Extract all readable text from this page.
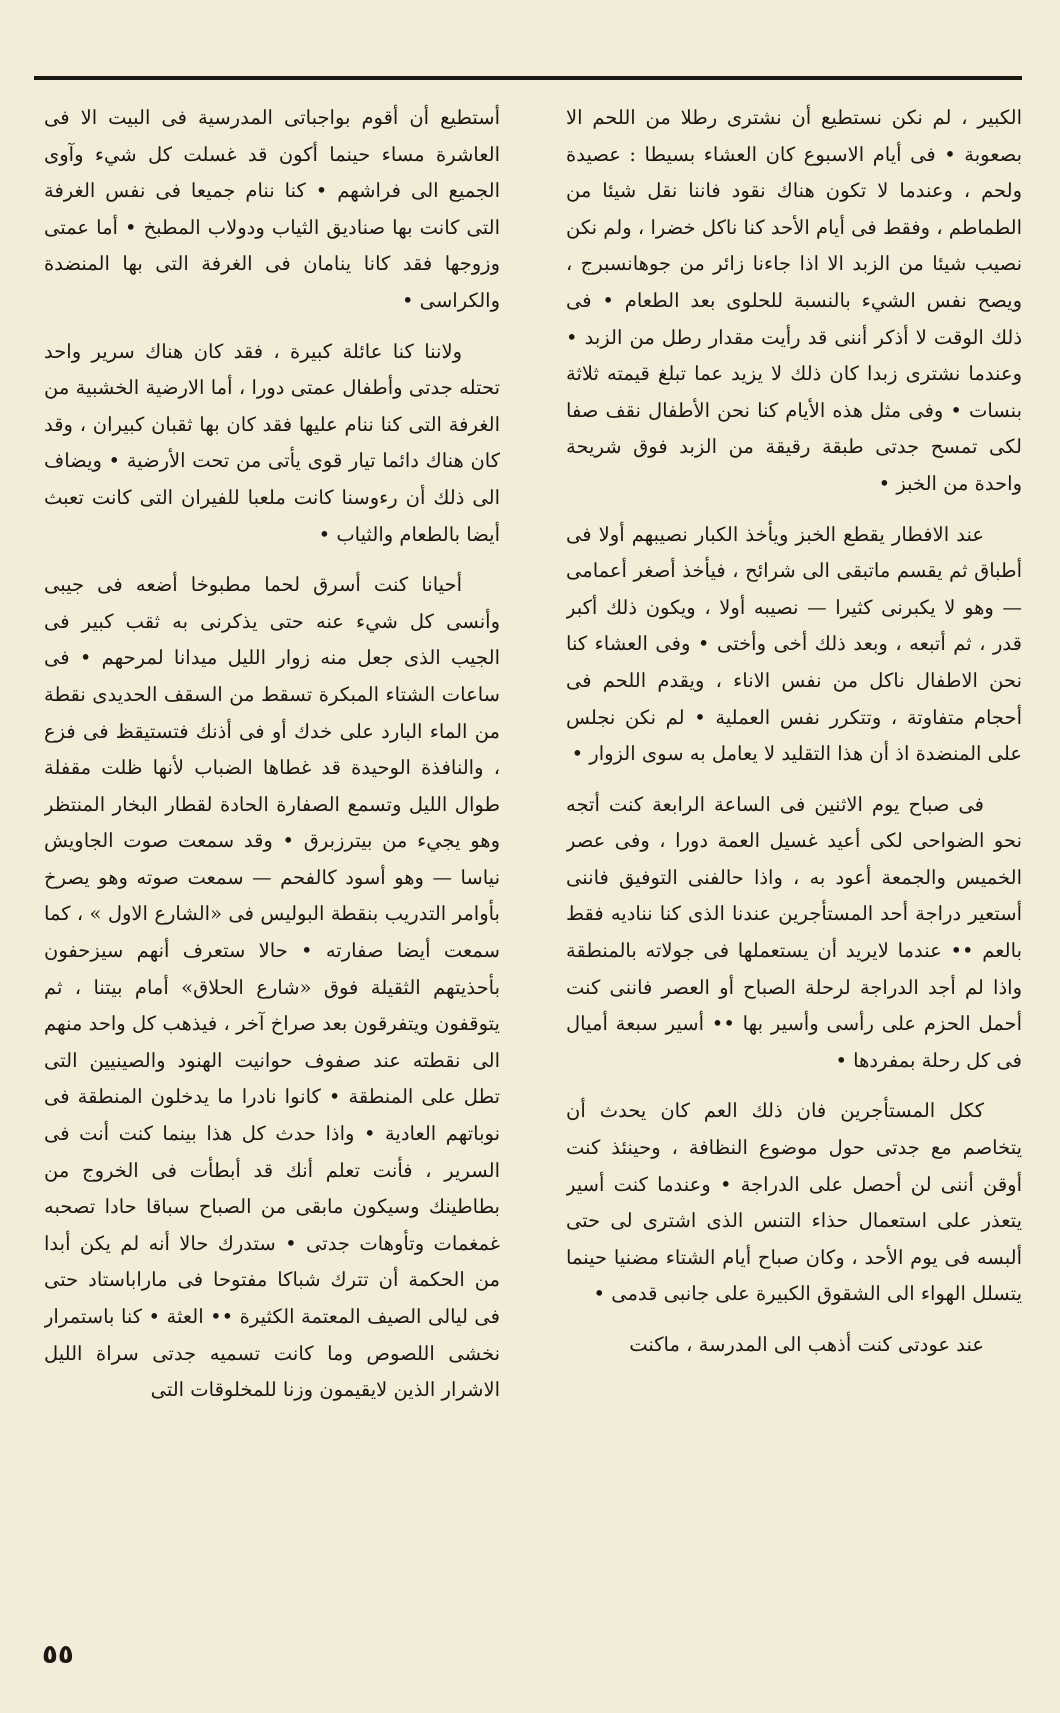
الكبير ، لم نكن نستطيع أن نشترى رطلا من اللحم الا بصعوبة • فى أيام الاسبوع كان العشاء بسيطا : عصيدة ولحم ، وعندما لا تكون هناك نقود فاننا نقل شيئا من الطماطم ، وفقط فى أيام الأحد كنا ناكل خضرا ، ولم نكن نصيب شيئا من الزبد الا اذا جاءنا زائر من جوهانسبرج ، ويصح نفس الشيء بالنسبة للحلوى بعد الطعام • فى ذلك الوقت لا أذكر أننى قد رأيت مقدار رطل من الزبد • وعندما نشترى زبدا كان ذلك لا يزيد عما تبلغ قيمته ثلاثة بنسات • وفى مثل هذه الأيام كنا نحن الأطفال نقف صفا لكى تمسح جدتى طبقة رقيقة من الزبد فوق شريحة واحدة من الخبز •

عند الافطار يقطع الخبز ويأخذ الكبار نصيبهم أولا فى أطباق ثم يقسم ماتبقى الى شرائح ، فيأخذ أصغر أعمامى — وهو لا يكبرنى كثيرا — نصيبه أولا ، ويكون ذلك أكبر قدر ، ثم أتبعه ، وبعد ذلك أخى وأختى • وفى العشاء كنا نحن الاطفال ناكل من نفس الاناء ، ويقدم اللحم فى أحجام متفاوتة ، وتتكرر نفس العملية • لم نكن نجلس على المنضدة اذ أن هذا التقليد لا يعامل به سوى الزوار •

فى صباح يوم الاثنين فى الساعة الرابعة كنت أتجه نحو الضواحى لكى أعيد غسيل العمة دورا ، وفى عصر الخميس والجمعة أعود به ، واذا حالفنى التوفيق فاننى أستعير دراجة أحد المستأجرين عندنا الذى كنا نناديه فقط بالعم •• عندما لايريد أن يستعملها فى جولاته بالمنطقة واذا لم أجد الدراجة لرحلة الصباح أو العصر فاننى كنت أحمل الحزم على رأسى وأسير بها •• أسير سبعة أميال فى كل رحلة بمفردها •

ككل المستأجرين فان ذلك العم كان يحدث أن يتخاصم مع جدتى حول موضوع النظافة ، وحينئذ كنت أوقن أننى لن أحصل على الدراجة • وعندما كنت أسير يتعذر على استعمال حذاء التنس الذى اشترى لى حتى ألبسه فى يوم الأحد ، وكان صباح أيام الشتاء مضنيا حينما يتسلل الهواء الى الشقوق الكبيرة على جانبى قدمى •

عند عودتى كنت أذهب الى المدرسة ، ماكنت

أستطيع أن أقوم بواجباتى المدرسية فى البيت الا فى العاشرة مساء حينما أكون قد غسلت كل شيء وآوى الجميع الى فراشهم • كنا ننام جميعا فى نفس الغرفة التى كانت بها صناديق الثياب ودولاب المطبخ • أما عمتى وزوجها فقد كانا ينامان فى الغرفة التى بها المنضدة والكراسى •

ولاننا كنا عائلة كبيرة ، فقد كان هناك سرير واحد تحتله جدتى وأطفال عمتى دورا ، أما الارضية الخشبية من الغرفة التى كنا ننام عليها فقد كان بها ثقبان كبيران ، وقد كان هناك دائما تيار قوى يأتى من تحت الأرضية • ويضاف الى ذلك أن رءوسنا كانت ملعبا للفيران التى كانت تعبث أيضا بالطعام والثياب •

أحيانا كنت أسرق لحما مطبوخا أضعه فى جيبى وأنسى كل شيء عنه حتى يذكرنى به ثقب كبير فى الجيب الذى جعل منه زوار الليل ميدانا لمرحهم • فى ساعات الشتاء المبكرة تسقط من السقف الحديدى نقطة من الماء البارد على خدك أو فى أذنك فتستيقظ فى فزع ، والنافذة الوحيدة قد غطاها الضباب لأنها ظلت مقفلة طوال الليل وتسمع الصفارة الحادة لقطار البخار المنتظر وهو يجيء من بيترزبرق • وقد سمعت صوت الجاويش نياسا — وهو أسود كالفحم — سمعت صوته وهو يصرخ بأوامر التدريب بنقطة البوليس فى «الشارع الاول » ، كما سمعت أيضا صفارته • حالا ستعرف أنهم سيزحفون بأحذيتهم الثقيلة فوق «شارع الحلاق» أمام بيتنا ، ثم يتوقفون ويتفرقون بعد صراخ آخر ، فيذهب كل واحد منهم الى نقطته عند صفوف حوانيت الهنود والصينيين التى تطل على المنطقة • كانوا نادرا ما يدخلون المنطقة فى نوباتهم العادية • واذا حدث كل هذا بينما كنت أنت فى السرير ، فأنت تعلم أنك قد أبطأت فى الخروج من بطاطينك وسيكون مابقى من الصباح سباقا حادا تصحبه غمغمات وتأوهات جدتى • ستدرك حالا أنه لم يكن أبدا من الحكمة أن تترك شباكا مفتوحا فى ماراباستاد حتى فى ليالى الصيف المعتمة الكثيرة •• العثة • كنا باستمرار نخشى اللصوص وما كانت تسميه جدتى سراة الليل الاشرار الذين لايقيمون وزنا للمخلوقات التى

٥٥
